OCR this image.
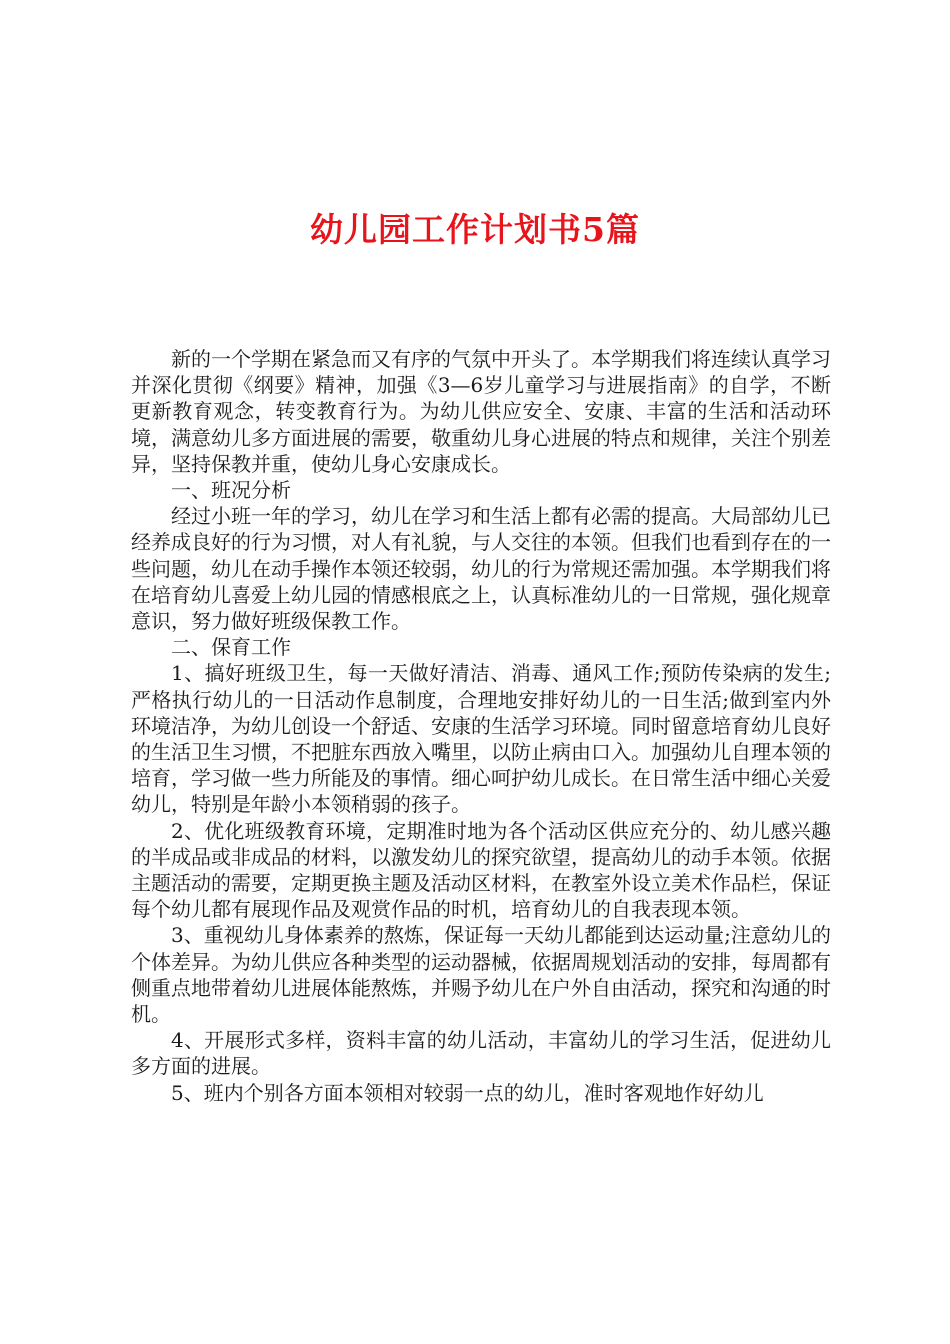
幼儿园工作计划书5篇

新的一个学期在紧急而又有序的气氛中开头了。本学期我们将连续认真学习并深化贯彻《纲要》精神，加强《3—6岁儿童学习与进展指南》的自学，不断更新教育观念，转变教育行为。为幼儿供应安全、安康、丰富的生活和活动环境，满意幼儿多方面进展的需要，敬重幼儿身心进展的特点和规律，关注个别差异，坚持保教并重，使幼儿身心安康成长。

一、班况分析

经过小班一年的学习，幼儿在学习和生活上都有必需的提高。大局部幼儿已经养成良好的行为习惯，对人有礼貌，与人交往的本领。但我们也看到存在的一些问题，幼儿在动手操作本领还较弱，幼儿的行为常规还需加强。本学期我们将在培育幼儿喜爱上幼儿园的情感根底之上，认真标准幼儿的一日常规，强化规章意识，努力做好班级保教工作。

二、保育工作

1、搞好班级卫生，每一天做好清洁、消毒、通风工作;预防传染病的发生;严格执行幼儿的一日活动作息制度，合理地安排好幼儿的一日生活;做到室内外环境洁净，为幼儿创设一个舒适、安康的生活学习环境。同时留意培育幼儿良好的生活卫生习惯，不把脏东西放入嘴里，以防止病由口入。加强幼儿自理本领的培育，学习做一些力所能及的事情。细心呵护幼儿成长。在日常生活中细心关爱幼儿，特别是年龄小本领稍弱的孩子。

2、优化班级教育环境，定期准时地为各个活动区供应充分的、幼儿感兴趣的半成品或非成品的材料，以激发幼儿的探究欲望，提高幼儿的动手本领。依据主题活动的需要，定期更换主题及活动区材料，在教室外设立美术作品栏，保证每个幼儿都有展现作品及观赏作品的时机，培育幼儿的自我表现本领。

3、重视幼儿身体素养的熬炼，保证每一天幼儿都能到达运动量;注意幼儿的个体差异。为幼儿供应各种类型的运动器械，依据周规划活动的安排，每周都有侧重点地带着幼儿进展体能熬炼，并赐予幼儿在户外自由活动，探究和沟通的时机。

4、开展形式多样，资料丰富的幼儿活动，丰富幼儿的学习生活，促进幼儿多方面的进展。

5、班内个别各方面本领相对较弱一点的幼儿，准时客观地作好幼儿
